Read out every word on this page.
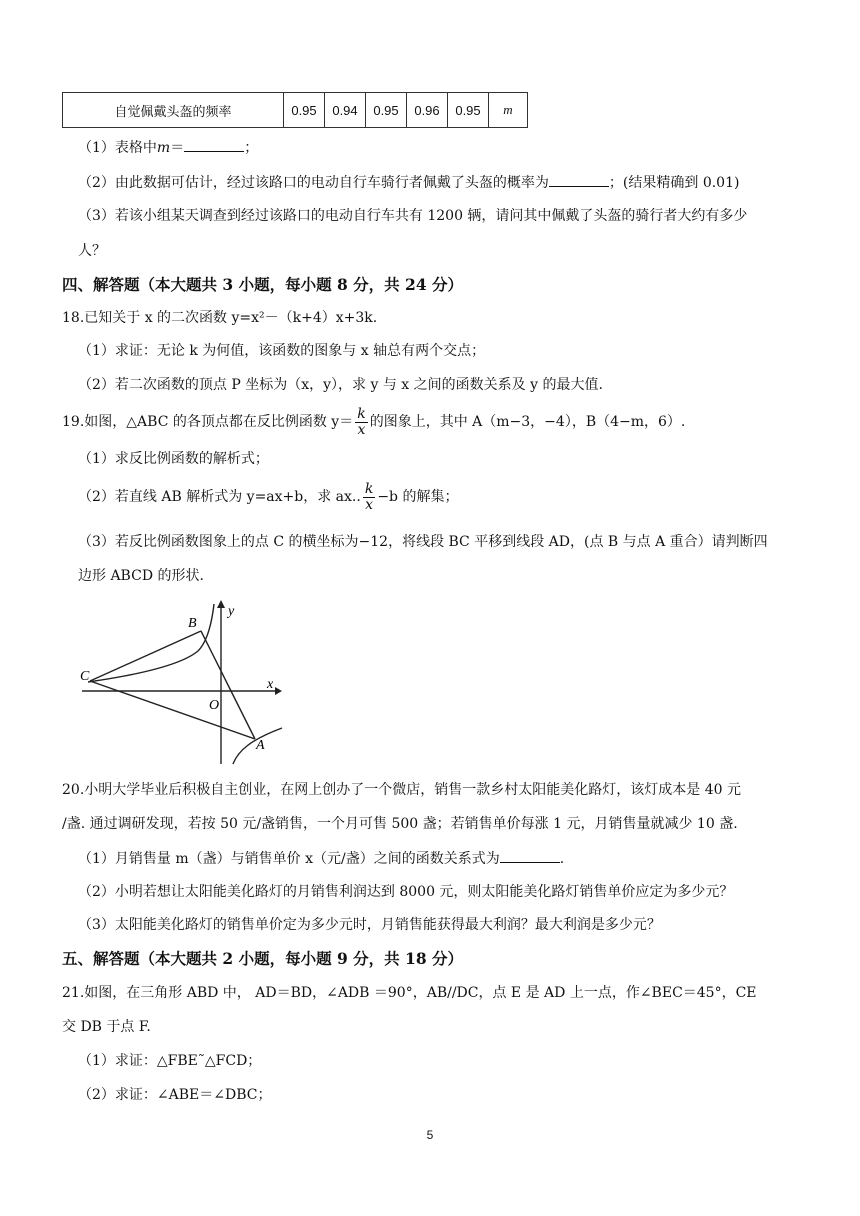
自觉佩戴头盔的频率	0.95	0.94	0.95	0.96	0.95	m
（1）表格中m＝	；
（2）由此数据可估计，经过该路口的电动自行车骑行者佩戴了头盔的概率为	；(结果精确到 0.01)
（3）若该小组某天调查到经过该路口的电动自行车共有 1200 辆，请问其中佩戴了头盔的骑行者大约有多少
人？
四、解答题（本大题共 3 小题，每小题 8 分，共 24 分）
18.已知关于 x 的二次函数 y=x²－（k+4）x+3k.
（1）求证：无论 k 为何值，该函数的图象与 x 轴总有两个交点；
（2）若二次函数的顶点 P 坐标为（x，y），求 y 与 x 之间的函数关系及 y 的最大值.
19.如图，△ABC 的各顶点都在反比例函数 $y= \frac{k}{x}$ 的图象上，其中 A（m−3，−4），B（4−m，6）.
（1）求反比例函数的解析式；
（2）若直线 AB 解析式为 y=ax+b，求 ax.. $\frac{k}{x} -b$ 的解集；
（3）若反比例函数图象上的点 C 的横坐标为−12，将线段 BC 平移到线段 AD，(点 B 与点 A 重合）请判断四
边形 ABCD 的形状.
B
y
C
x
O
A
20.小明大学毕业后积极自主创业，在网上创办了一个微店，销售一款乡村太阳能美化路灯，该灯成本是 40 元
/盏. 通过调研发现，若按 50 元/盏销售，一个月可售 500 盏；若销售单价每涨 1 元，月销售量就减少 10 盏.
（1）月销售量 m（盏）与销售单价 x（元/盏）之间的函数关系式为	.
（2）小明若想让太阳能美化路灯的月销售利润达到 8000 元，则太阳能美化路灯销售单价应定为多少元？
（3）太阳能美化路灯的销售单价定为多少元时，月销售能获得最大利润？最大利润是多少元？
五、解答题（本大题共 2 小题，每小题 9 分，共 18 分）
21.如图，在三角形 ABD 中， AD＝BD，∠ADB ＝90°，AB//DC，点 E 是 AD 上一点，作∠BEC＝45°，CE
交 DB 于点 F.
（1）求证：△FBE˜△FCD；
（2）求证：∠ABE＝∠DBC；
5
